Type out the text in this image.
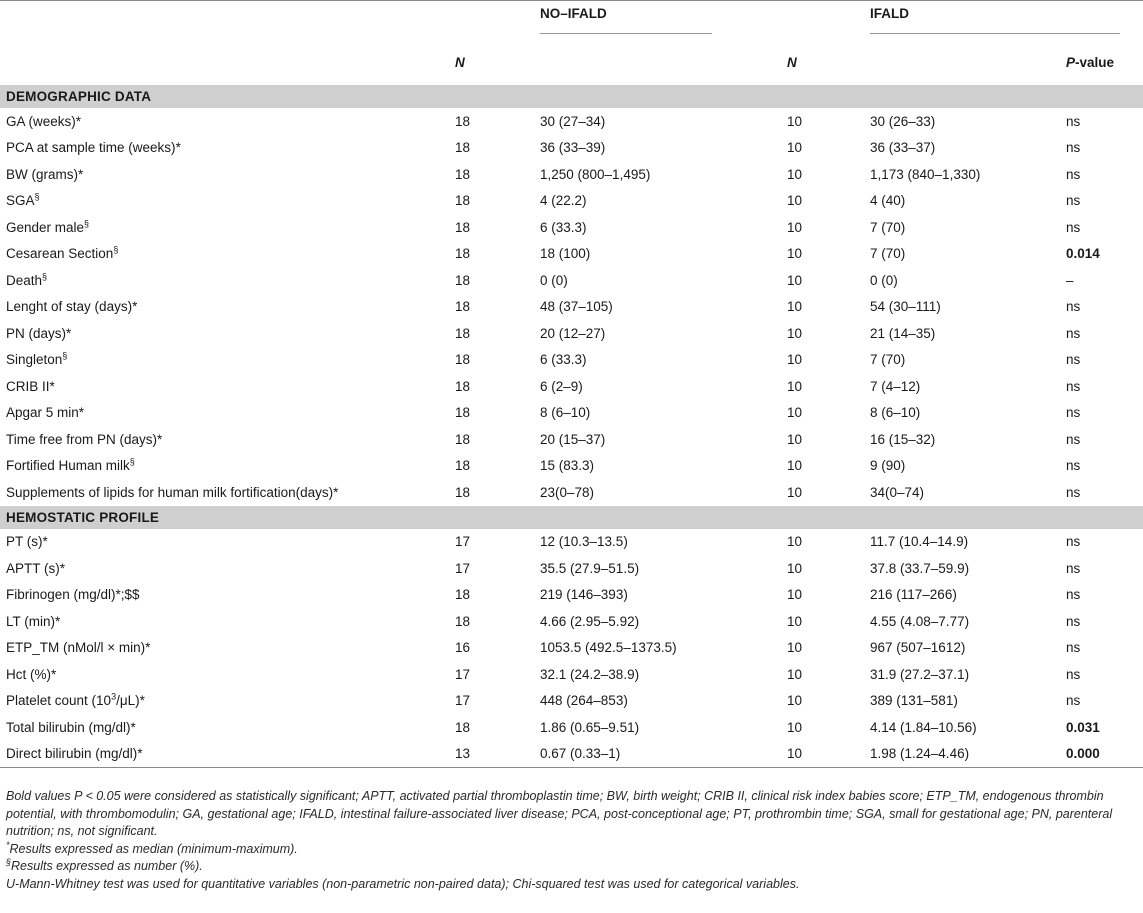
		NO–IFALD		IFALD	

	N		N		P-value
DEMOGRAPHIC DATA					
GA (weeks)*	18	30 (27–34)	10	30 (26–33)	ns
PCA at sample time (weeks)*	18	36 (33–39)	10	36 (33–37)	ns
BW (grams)*	18	1,250 (800–1,495)	10	1,173 (840–1,330)	ns
SGA§	18	4 (22.2)	10	4 (40)	ns
Gender male§	18	6 (33.3)	10	7 (70)	ns
Cesarean Section§	18	18 (100)	10	7 (70)	0.014
Death§	18	0 (0)	10	0 (0)	–
Lenght of stay (days)*	18	48 (37–105)	10	54 (30–111)	ns
PN (days)*	18	20 (12–27)	10	21 (14–35)	ns
Singleton§	18	6 (33.3)	10	7 (70)	ns
CRIB II*	18	6 (2–9)	10	7 (4–12)	ns
Apgar 5 min*	18	8 (6–10)	10	8 (6–10)	ns
Time free from PN (days)*	18	20 (15–37)	10	16 (15–32)	ns
Fortified Human milk§	18	15 (83.3)	10	9 (90)	ns
Supplements of lipids for human milk fortification(days)*	18	23(0–78)	10	34(0–74)	ns
HEMOSTATIC PROFILE					
PT (s)*	17	12 (10.3–13.5)	10	11.7 (10.4–14.9)	ns
APTT (s)*	17	35.5 (27.9–51.5)	10	37.8 (33.7–59.9)	ns
Fibrinogen (mg/dl)*;$$	18	219 (146–393)	10	216 (117–266)	ns
LT (min)*	18	4.66 (2.95–5.92)	10	4.55 (4.08–7.77)	ns
ETP_TM (nMol/l × min)*	16	1053.5 (492.5–1373.5)	10	967 (507–1612)	ns
Hct (%)*	17	32.1 (24.2–38.9)	10	31.9 (27.2–37.1)	ns
Platelet count $(10^3/\mu L)*$	17	448 (264–853)	10	389 (131–581)	ns
Total bilirubin (mg/dl)*	18	1.86 (0.65–9.51)	10	4.14 (1.84–10.56)	0.031
Direct bilirubin (mg/dl)*	13	0.67 (0.33–1)	10	1.98 (1.24–4.46)	0.000

Bold values P < 0.05 were considered as statistically significant; APTT, activated partial thromboplastin time; BW, birth weight; CRIB II, clinical risk index babies score; ETP_TM, endogenous thrombin potential, with thrombomodulin; GA, gestational age; IFALD, intestinal failure-associated liver disease; PCA, post-conceptional age; PT, prothrombin time; SGA, small for gestational age; PN, parenteral nutrition; ns, not significant.

*Results expressed as median (minimum-maximum).

§Results expressed as number (%).

U-Mann-Whitney test was used for quantitative variables (non-parametric non-paired data); Chi-squared test was used for categorical variables.
